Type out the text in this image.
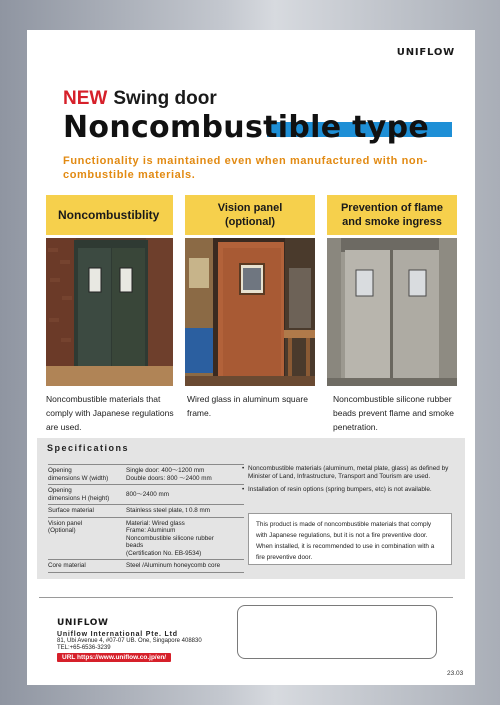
UNIFLOW
NEW Swing door
Noncombustible type
Functionality is maintained even when manufactured with non-combustible materials.
Noncombustiblity	Vision panel
(optional)
Prevention of flame
and smoke ingress
Noncombustible materials that comply with Japanese regulations are used.
Wired glass in aluminum square frame.
Noncombustible silicone rubber beads prevent flame and smoke penetration.
Specifications
Opening
dimensions W (width)	Single door: 400～1200 mm
Double doors: 800 ～2400 mm
Opening
dimensions H (height)	800～2400 mm
Surface material	Stainless steel plate, t 0.8 mm
Vision panel
(Optional)	Material: Wired glass
Frame: Aluminum
Noncombustible silicone rubber
beads
(Certification No. EB-9534)
Core material	Steel /Aluminum honeycomb core
• Noncombustible materials (aluminum, metal plate, glass) as defined by Minister of Land, Infrastructure, Transport and Tourism are used.
• Installation of resin options (spring bumpers, etc) is not available.
This product is made of noncombustible materials that comply with Japanese regulations, but it is not a fire preventive door. When installed, it is recommended to use in combination with a fire preventive door.
UNIFLOW
Uniflow International Pte. Ltd
81, Ubi Avenue 4, #07-07 UB. One, Singapore 408830
TEL:+65-6536-3239
URL https://www.uniflow.co.jp/en/
23.03
